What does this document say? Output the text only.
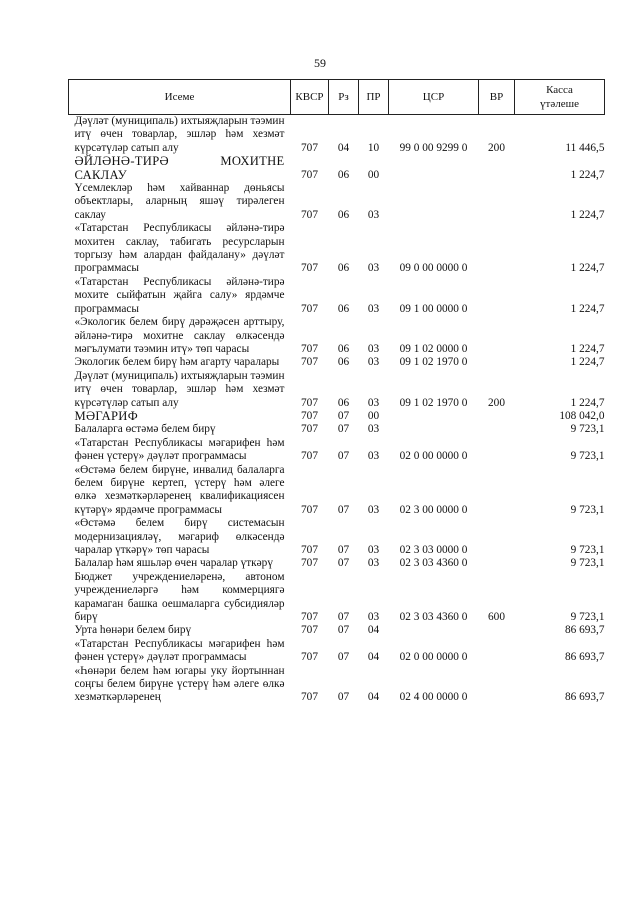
59
Исеме	КВСР	Рз	ПР	ЦСР	ВР	Касса
үтәлеше
Дәүләт (муниципаль) ихтыяҗларын тәэмин итү өчен товарлар, эшләр һәм хезмәт күрсәтүләр сатып алу	707	04	10	99 0 00 9299 0	200	11 446,5
ӘЙЛӘНӘ-ТИРӘ МОХИТНЕ САКЛАУ	707	06	00			1 224,7
Үсемлекләр һәм хайваннар дөньясы объектлары, аларның яшәү тирәлеген саклау	707	06	03			1 224,7
«Татарстан Республикасы әйләнә-тирә мохитен саклау, табигать ресурсларын торгызу һәм алардан файдалану» дәүләт программасы	707	06	03	09 0 00 0000 0		1 224,7
«Татарстан Республикасы әйләнә-тирә мохите сыйфатын җайга салу» ярдәмче программасы	707	06	03	09 1 00 0000 0		1 224,7
«Экологик белем бирү дәрәҗәсен арттыру, әйләнә-тирә мохитне саклау өлкәсендә мәгълумати тәэмин итү» төп чарасы	707	06	03	09 1 02 0000 0		1 224,7
Экологик белем бирү һәм агарту чаралары	707	06	03	09 1 02 1970 0		1 224,7
Дәүләт (муниципаль) ихтыяҗларын тәэмин итү өчен товарлар, эшләр һәм хезмәт күрсәтүләр сатып алу	707	06	03	09 1 02 1970 0	200	1 224,7
МӘГАРИФ	707	07	00			108 042,0
Балаларга өстәмә белем бирү	707	07	03			9 723,1
«Татарстан Республикасы мәгарифен һәм фәнен үстерү» дәүләт программасы	707	07	03	02 0 00 0000 0		9 723,1
«Өстәмә белем бирүне, инвалид балаларга белем бирүне кертеп, үстерү һәм әлеге өлкә хезмәткәрләренең квалификациясен күтәрү» ярдәмче программасы	707	07	03	02 3 00 0000 0		9 723,1
«Өстәмә белем бирү системасын модернизацияләү, мәгариф өлкәсендә чаралар үткәрү» төп чарасы	707	07	03	02 3 03 0000 0		9 723,1
Балалар һәм яшьләр өчен чаралар үткәрү	707	07	03	02 3 03 4360 0		9 723,1
Бюджет учреждениеләренә, автоном учреждениеләргә һәм коммерциягә карамаган башка оешмаларга субсидияләр бирү	707	07	03	02 3 03 4360 0	600	9 723,1
Урта һөнәри белем бирү	707	07	04			86 693,7
«Татарстан Республикасы мәгарифен һәм фәнен үстерү» дәүләт программасы	707	07	04	02 0 00 0000 0		86 693,7
«Һөнәри белем һәм югары уку йортыннан соңгы белем бирүне үстерү һәм әлеге өлкә хезмәткәрләренең	707	07	04	02 4 00 0000 0		86 693,7
